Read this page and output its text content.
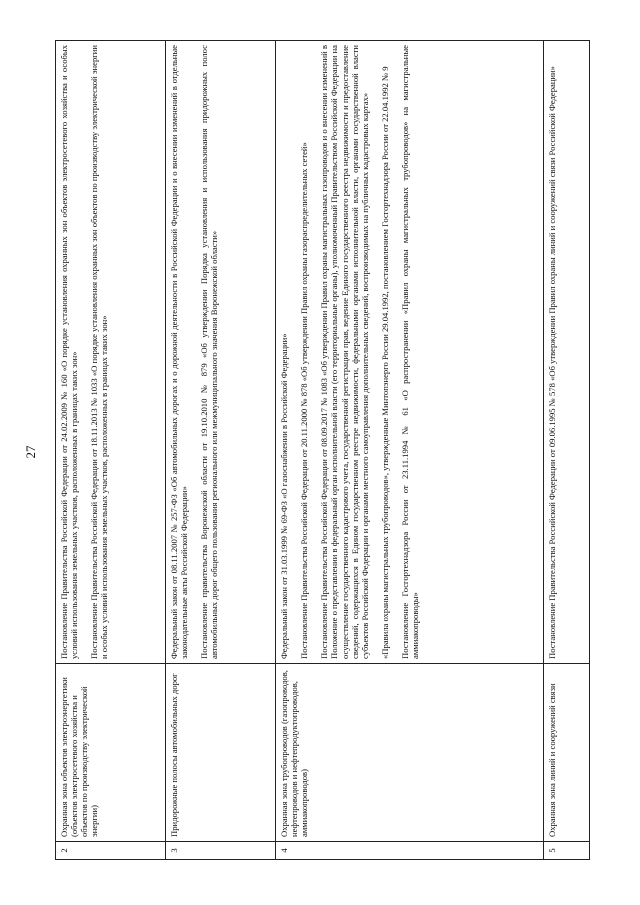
27
2	Охранная зона объектов электроэнергетики (объектов электросетевого хозяйства и объектов по производству электрической энергии)	Постановление Правительства Российской Федерации от 24.02.2009 № 160 «О порядке установления охранных зон объектов электросетевого хозяйства и особых условий использования земельных участков, расположенных в границах таких зон» Постановление Правительства Российской Федерации от 18.11.2013 № 1033 «О порядке установления охранных зон объектов по производству электрической энергии и особых условий использования земельных участков, расположенных в границах таких зон»

3	Придорожные полосы автомобильных дорог	Федеральный закон от 08.11.2007 № 257-ФЗ «Об автомобильных дорогах и о дорожной деятельности в Российской Федерации и о внесении изменений в отдельные законодательные акты Российской Федерации» Постановление правительства Воронежской области от 19.10.2010 № 879 «Об утверждении Порядка установления и использования придорожных полос автомобильных дорог общего пользования регионального или межмуниципального значения Воронежской области»

4	Охранная зона трубопроводов (газопроводов, нефтепроводов и нефтепродуктопроводов, аммиакопроводов)	Федеральный закон от 31.03.1999 № 69-ФЗ «О газоснабжении в Российской Федерации» Постановление Правительства Российской Федерации от 20.11.2000 № 878 «Об утверждении Правил охраны газораспределительных сетей» Постановление Правительства Российской Федерации от 08.09.2017 № 1083 «Об утверждении Правил охраны магистральных газопроводов и о внесении изменений в Положение о представлении в федеральный орган исполнительной власти (его территориальные органы), уполномоченный Правительством Российской Федерации на осуществление государственного кадастрового учета, государственной регистрации прав, ведение Единого государственного реестра недвижимости и предоставление сведений, содержащихся в Едином государственном реестре недвижимости, федеральными органами исполнительной власти, органами государственной власти субъектов Российской Федерации и органами местного самоуправления дополнительных сведений, воспроизводимых на публичных кадастровых картах» «Правила охраны магистральных трубопроводов», утвержденные Минтопэнерго России 29.04.1992, постановлением Госгортехнадзора России от 22.04.1992 № 9 Постановление Госгортехнадзора России от 23.11.1994 № 61 «О распространении «Правил охраны магистральных трубопроводов» на магистральные аммиакопроводы»

5	Охранная зона линий и сооружений связи	Постановление Правительства Российской Федерации от 09.06.1995 № 578 «Об утверждении Правил охраны линий и сооружений связи Российской Федерации»
